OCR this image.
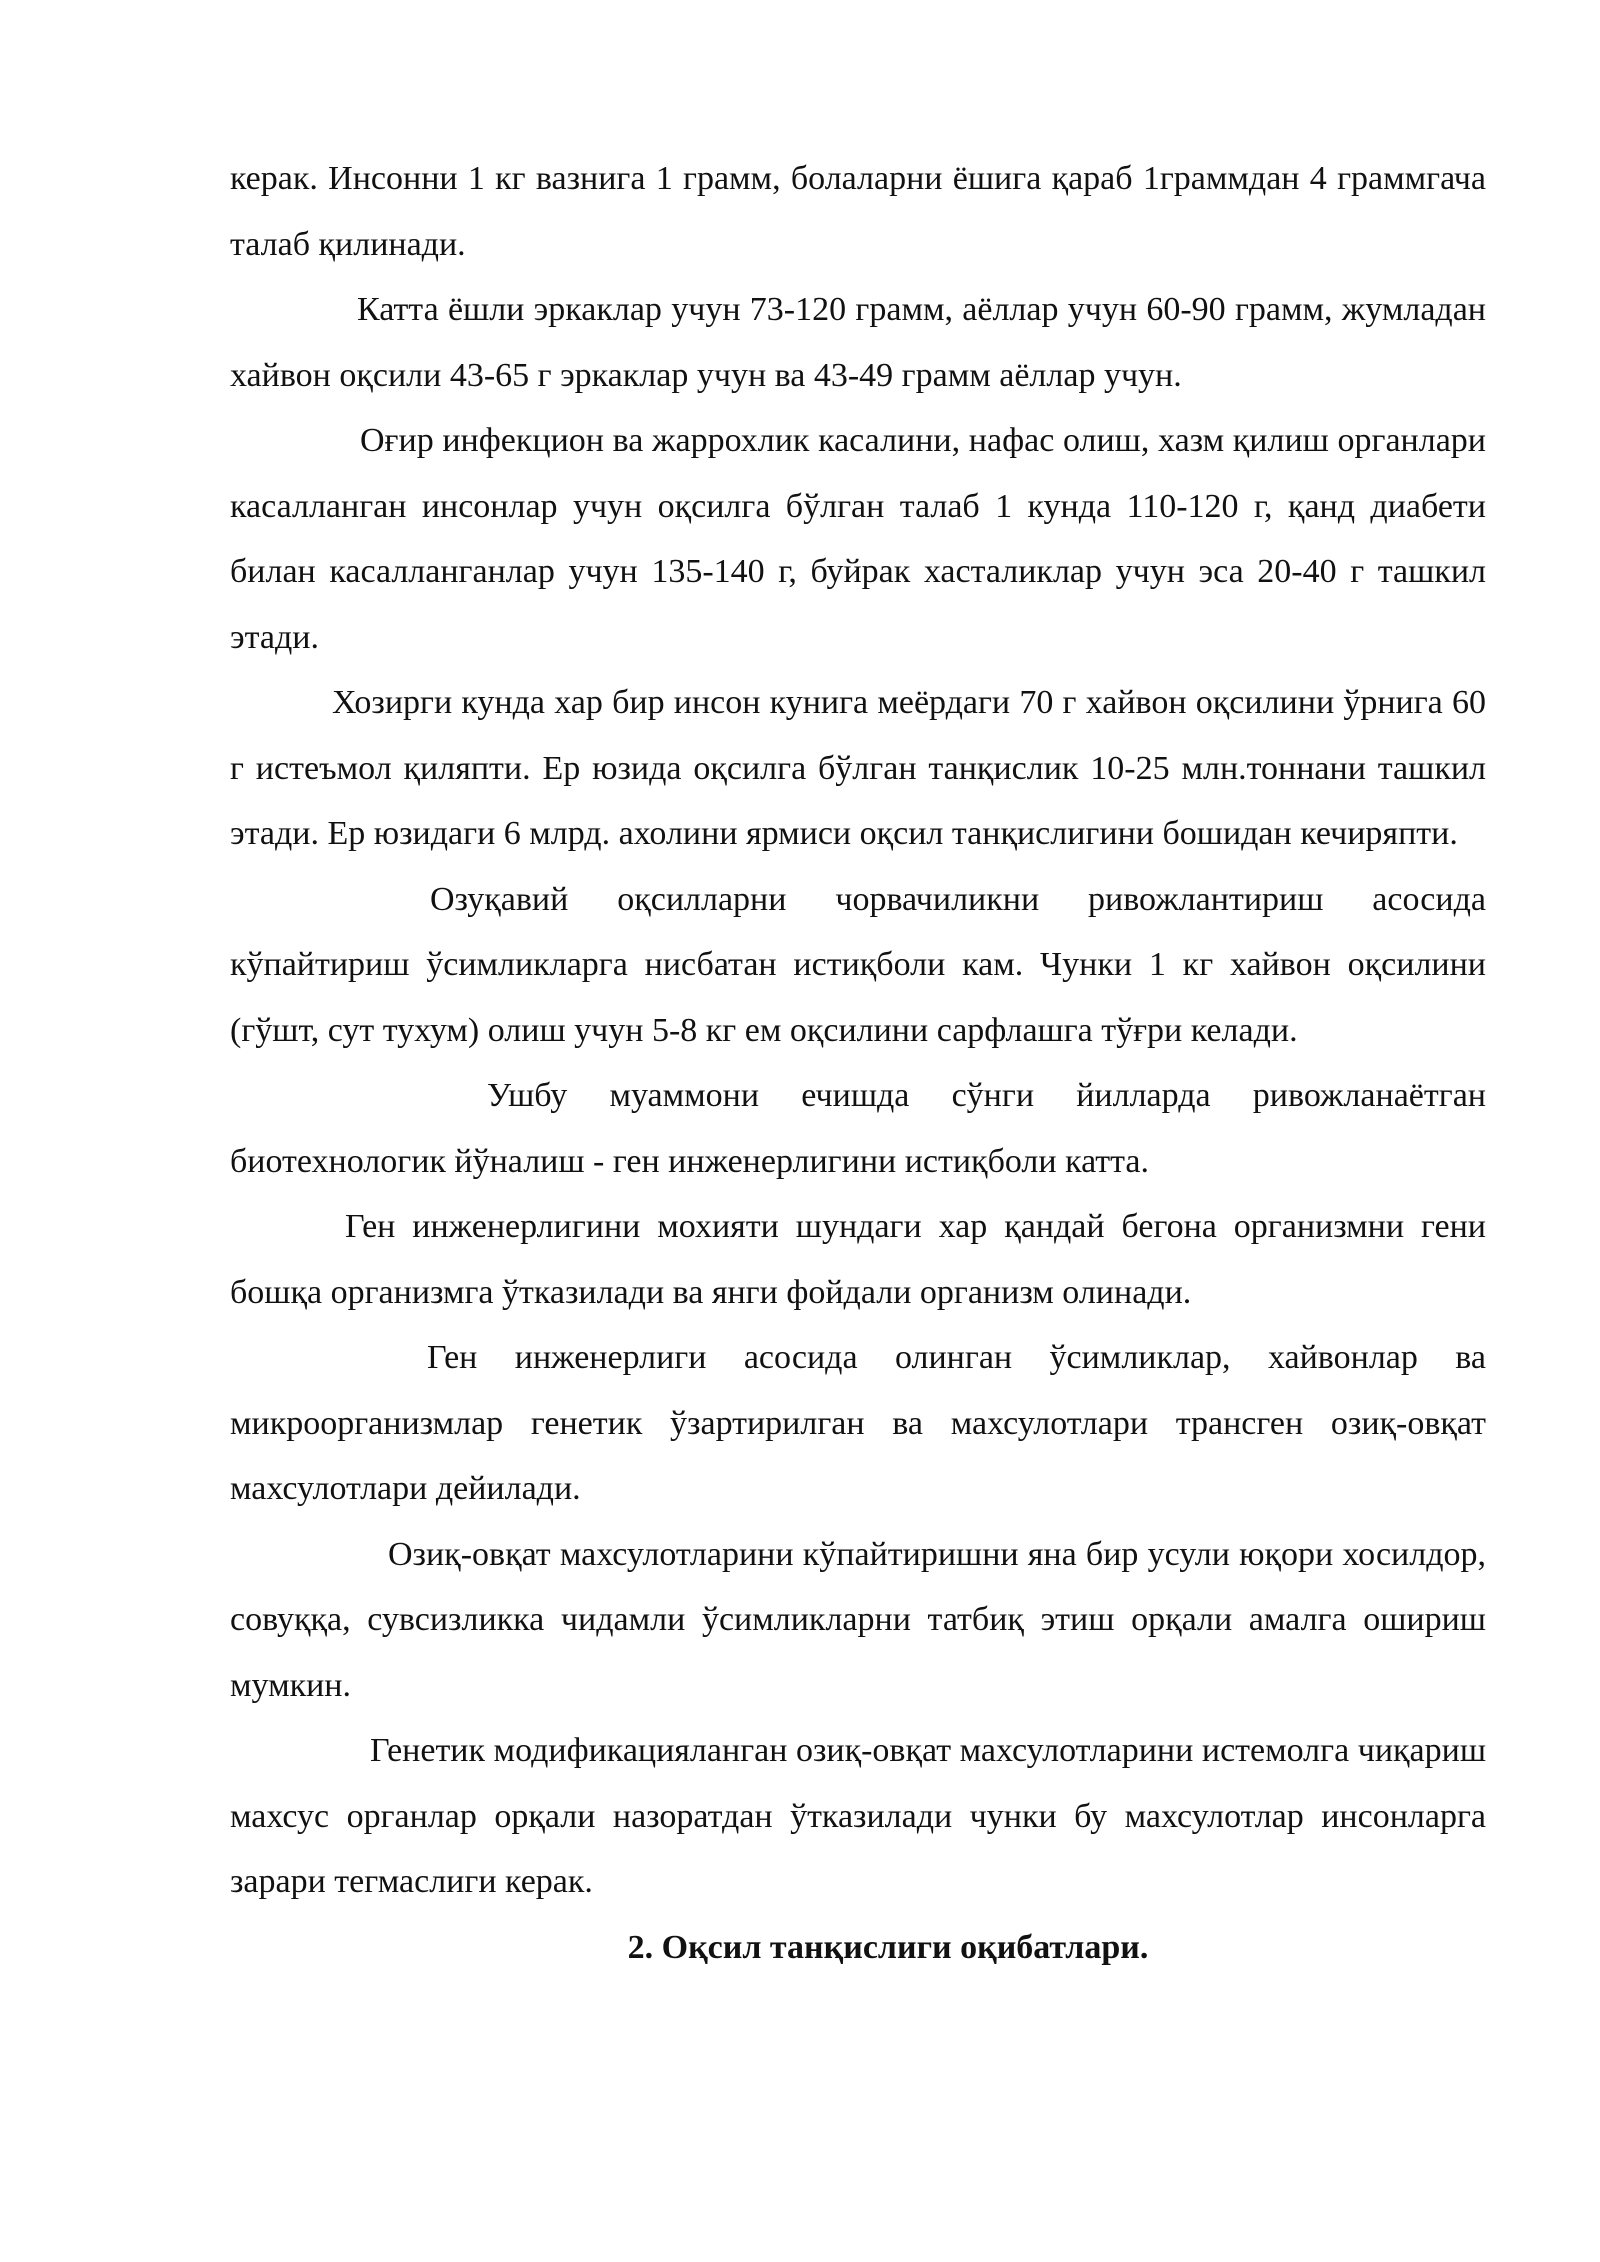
керак. Инсонни 1 кг вазнига 1 грамм, болаларни ёшига қараб 1граммдан 4 граммгача талаб қилинади.

Катта ёшли эркаклар учун 73-120 грамм, аёллар учун 60-90 грамм, жумладан хайвон оқсили 43-65 г эркаклар учун ва 43-49 грамм аёллар учун.

Оғир инфекцион ва жаррохлик касалини, нафас олиш, хазм қилиш органлари касалланган инсонлар учун оқсилга бўлган талаб 1 кунда 110-120 г, қанд диабети билан касалланганлар учун 135-140 г, буйрак хасталиклар учун эса 20-40 г ташкил этади.

Хозирги кунда хар бир инсон кунига меёрдаги 70 г хайвон оқсилини ўрнига 60 г истеъмол қиляпти. Ер юзида оқсилга бўлган танқислик 10-25 млн.тоннани ташкил этади. Ер юзидаги 6 млрд. ахолини ярмиси оқсил танқислигини бошидан кечиряпти.

Озуқавий оқсилларни чорвачиликни ривожлантириш асосида кўпайтириш ўсимликларга нисбатан истиқболи кам. Чунки 1 кг хайвон оқсилини (гўшт, сут тухум) олиш учун 5-8 кг ем оқсилини сарфлашга тўғри келади.

Ушбу муаммони ечишда сўнги йилларда ривожланаётган биотехнологик йўналиш - ген инженерлигини истиқболи катта.

Ген инженерлигини мохияти шундаги хар қандай бегона организмни гени бошқа организмга ўтказилади ва янги фойдали организм олинади.

Ген инженерлиги асосида олинган ўсимликлар, хайвонлар ва микроорганизмлар генетик ўзартирилган ва махсулотлари трансген озиқ-овқат махсулотлари дейилади.

Озиқ-овқат махсулотларини кўпайтиришни яна бир усули юқори хосилдор, совуққа, сувсизликка чидамли ўсимликларни татбиқ этиш орқали амалга ошириш мумкин.

Генетик модификацияланган озиқ-овқат махсулотларини истемолга чиқариш махсус органлар орқали назоратдан ўтказилади чунки бу махсулотлар инсонларга зарари тегмаслиги керак.

2. Оқсил танқислиги оқибатлари.
